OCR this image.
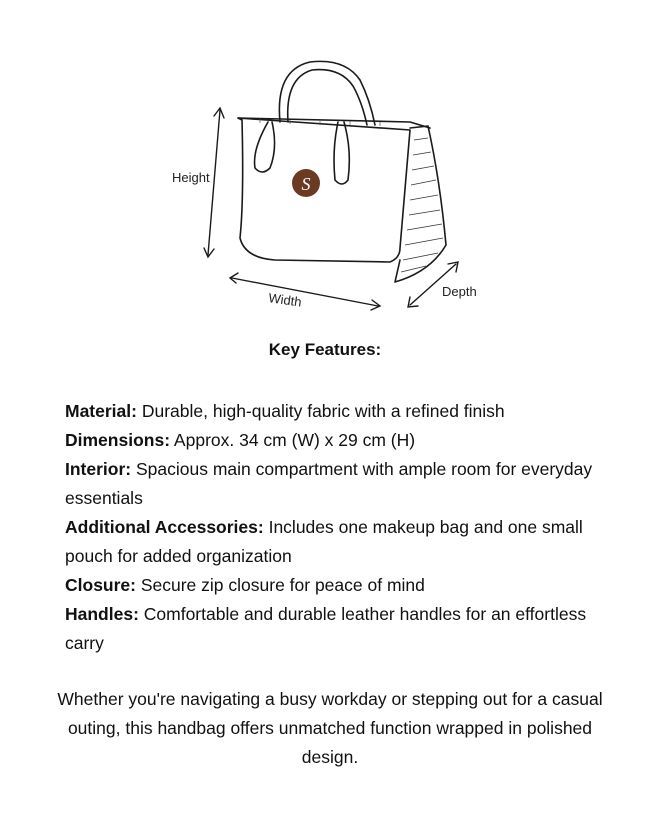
S
Height
Width	Depth
Key Features:

Material: Durable, high-quality fabric with a refined finish

Dimensions: Approx. 34 cm (W) x 29 cm (H)

Interior: Spacious main compartment with ample room for everyday essentials

Additional Accessories: Includes one makeup bag and one small pouch for added organization

Closure: Secure zip closure for peace of mind

Handles: Comfortable and durable leather handles for an effortless carry

Whether you're navigating a busy workday or stepping out for a casual outing, this handbag offers unmatched function wrapped in polished design.
